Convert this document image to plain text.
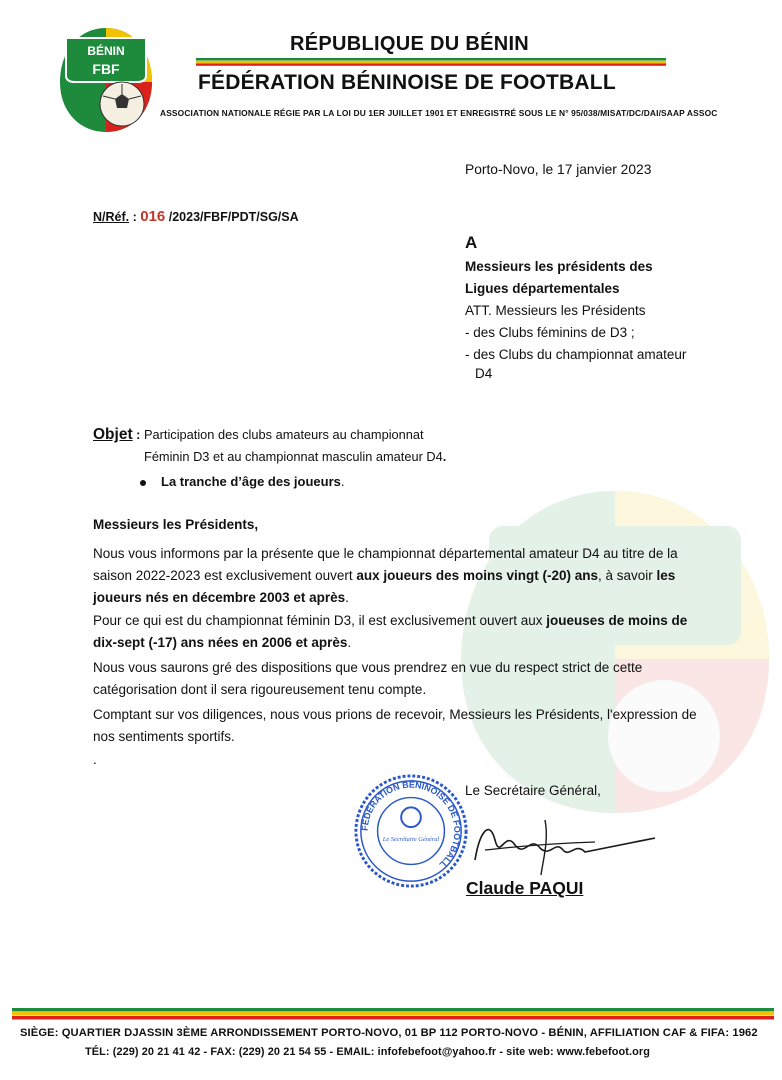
BÉNIN
FBF
RÉPUBLIQUE DU BÉNIN
FÉDÉRATION BÉNINOISE DE FOOTBALL
ASSOCIATION NATIONALE RÉGIE PAR LA LOI DU 1ER JUILLET 1901 ET ENREGISTRÉ SOUS LE N° 95/038/MISAT/DC/DAI/SAAP ASSOC
Porto-Novo, le 17 janvier 2023
N/Réf. : 016 /2023/FBF/PDT/SG/SA
A
Messieurs les présidents des
Ligues départementales
ATT. Messieurs les Présidents
- des Clubs féminins de D3 ;
- des Clubs du championnat amateur
D4
Objet : Participation des clubs amateurs au championnat
Féminin D3 et au championnat masculin amateur D4.
La tranche d’âge des joueurs.
Messieurs les Présidents,
Nous vous informons par la présente que le championnat départemental amateur D4 au titre de la saison 2022-2023 est exclusivement ouvert aux joueurs des moins vingt (-20) ans, à savoir les joueurs nés en décembre 2003 et après.
Pour ce qui est du championnat féminin D3, il est exclusivement ouvert aux joueuses de moins de dix-sept (-17) ans nées en 2006 et après.
Nous vous saurons gré des dispositions que vous prendrez en vue du respect strict de cette catégorisation dont il sera rigoureusement tenu compte.
Comptant sur vos diligences, nous vous prions de recevoir, Messieurs les Présidents, l'expression de nos sentiments sportifs.
.
FÉDÉRATION BÉNINOISE DE FOOTBALL
Le Secrétaire Général
Le Secrétaire Général,
Claude PAQUI
SIÈGE: QUARTIER DJASSIN 3ÈME ARRONDISSEMENT PORTO-NOVO, 01 BP 112 PORTO-NOVO - BÉNIN, AFFILIATION CAF & FIFA: 1962
TÉL: (229) 20 21 41 42 - FAX: (229) 20 21 54 55 - EMAIL: infofebefoot@yahoo.fr - site web: www.febefoot.org
